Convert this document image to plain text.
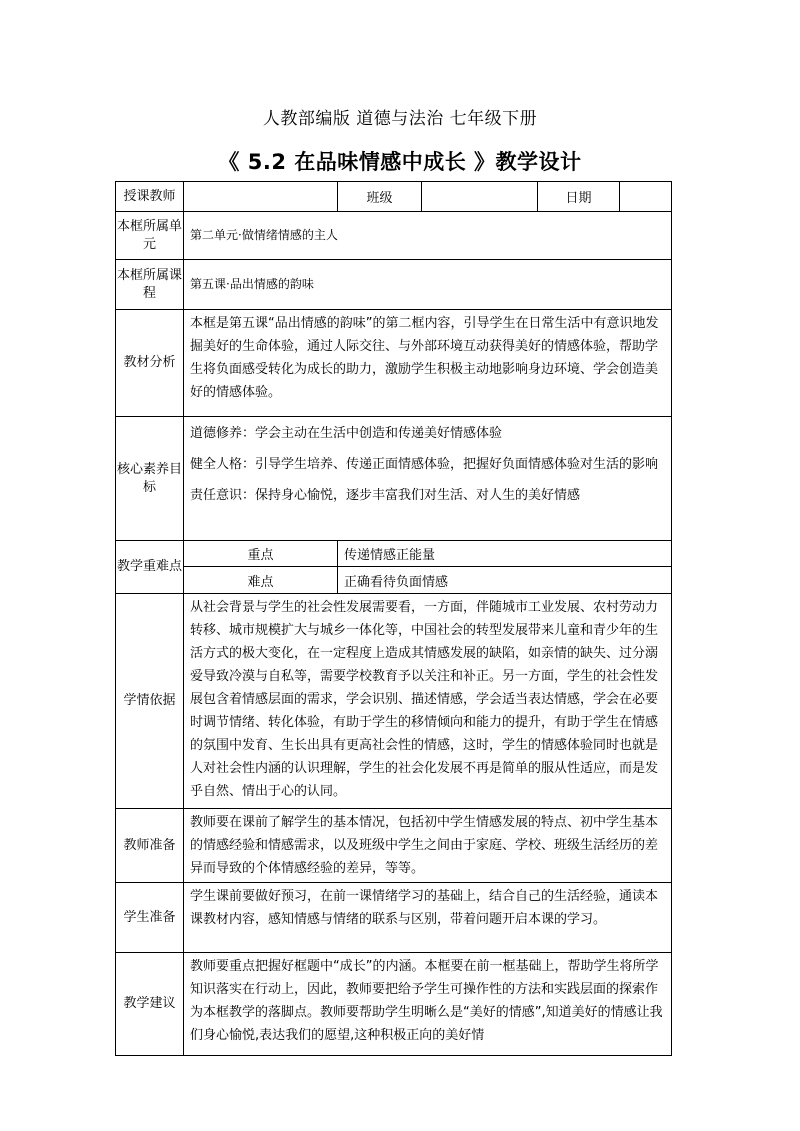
人教部编版 道德与法治 七年级下册
《 5.2 在品味情感中成长 》教学设计
授课教师		班级		日期	
本框所属单元	第二单元·做情绪情感的主人				
本框所属课程	第五课·品出情感的韵味				
教材分析	本框是第五课“品出情感的韵味”的第二框内容，引导学生在日常生活中有意识地发掘美好的生命体验，通过人际交往、与外部环境互动获得美好的情感体验，帮助学生将负面感受转化为成长的助力，激励学生积极主动地影响身边环境、学会创造美好的情感体验。				
核心素养目标	道德修养：学会主动在生活中创造和传递美好情感体验
健全人格：引导学生培养、传递正面情感体验，把握好负面情感体验对生活的影响
责任意识：保持身心愉悦，逐步丰富我们对生活、对人生的美好情感				

教学重难点	重点	传递情感正能量			
	难点	正确看待负面情感			
学情依据	从社会背景与学生的社会性发展需要看，一方面，伴随城市工业发展、农村劳动力转移、城市规模扩大与城乡一体化等，中国社会的转型发展带来儿童和青少年的生活方式的极大变化，在一定程度上造成其情感发展的缺陷，如亲情的缺失、过分溺爱导致冷漠与自私等，需要学校教育予以关注和补正。另一方面，学生的社会性发展包含着情感层面的需求，学会识别、描述情感，学会适当表达情感，学会在必要时调节情绪、转化体验，有助于学生的移情倾向和能力的提升，有助于学生在情感的氛围中发育、生长出具有更高社会性的情感，这时，学生的情感体验同时也就是人对社会性内涵的认识理解，学生的社会化发展不再是简单的服从性适应，而是发乎自然、情出于心的认同。				
教师准备	教师要在课前了解学生的基本情况，包括初中学生情感发展的特点、初中学生基本的情感经验和情感需求，以及班级中学生之间由于家庭、学校、班级生活经历的差异而导致的个体情感经验的差异，等等。				
学生准备	学生课前要做好预习，在前一课情绪学习的基础上，结合自己的生活经验，通读本课教材内容，感知情感与情绪的联系与区别，带着问题开启本课的学习。				
教学建议	教师要重点把握好框题中“成长”的内涵。本框要在前一框基础上，帮助学生将所学知识落实在行动上，因此，教师要把给予学生可操作性的方法和实践层面的探索作为本框教学的落脚点。教师要帮助学生明晰么是“美好的情感”,知道美好的情感让我们身心愉悦,表达我们的愿望,这种积极正向的美好情				
